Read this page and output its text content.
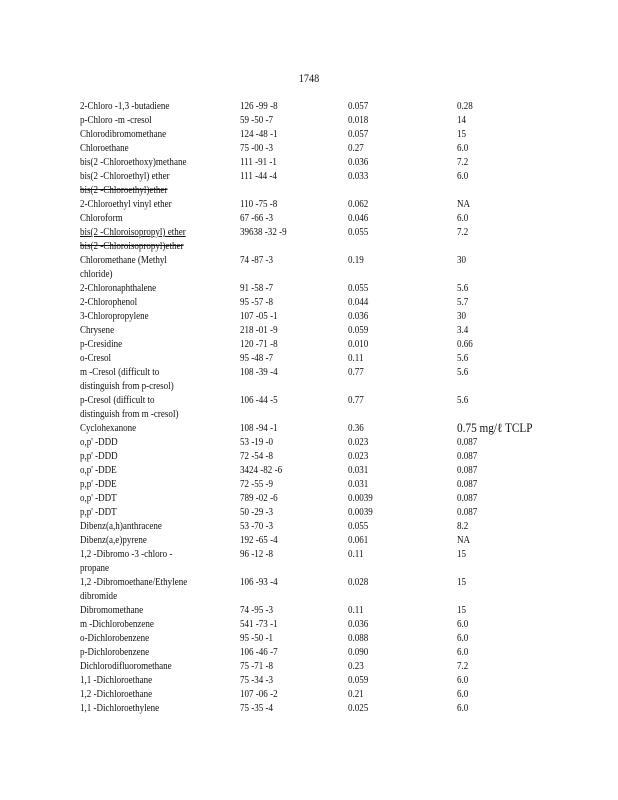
1748
2-Chloro -1,3 -butadiene	126 -99 -8	0.057	0.28
p-Chloro -m -cresol	59 -50 -7	0.018	14
Chlorodibromomethane	124 -48 -1	0.057	15
Chloroethane	75 -00 -3	0.27	6.0
bis(2 -Chloroethoxy)methane	111 -91 -1	0.036	7.2
bis(2 -Chloroethyl) ether	111 -44 -4	0.033	6.0
bis(2 -Chloroethyl)ether
2-Chloroethyl vinyl ether	110 -75 -8	0.062	NA
Chloroform	67 -66 -3	0.046	6.0
bis(2 -Chloroisopropyl) ether	39638 -32 -9	0.055	7.2
bis(2 -Chloroisopropyl)ether
Chloromethane (Methyl
chloride)
74 -87 -3	0.19	30
2-Chloronaphthalene	91 -58 -7	0.055	5.6
2-Chlorophenol	95 -57 -8	0.044	5.7
3-Chloropropylene	107 -05 -1	0.036	30
Chrysene	218 -01 -9	0.059	3.4
p-Cresidine	120 -71 -8	0.010	0.66
o-Cresol	95 -48 -7	0.11	5.6
m -Cresol (difficult to
distinguish from p-cresol)
108 -39 -4	0.77	5.6
p-Cresol (difficult to
distinguish from m -cresol)
106 -44 -5	0.77	5.6
Cyclohexanone	108 -94 -1	0.36	0.75 mg/ℓ TCLP
o,p' -DDD	53 -19 -0	0.023	0.087
p,p' -DDD	72 -54 -8	0.023	0.087
o,p' -DDE	3424 -82 -6	0.031	0.087
p,p' -DDE	72 -55 -9	0.031	0.087
o,p' -DDT	789 -02 -6	0.0039	0.087
p,p' -DDT	50 -29 -3	0.0039	0.087
Dibenz(a,h)anthracene	53 -70 -3	0.055	8.2
Dibenz(a,e)pyrene	192 -65 -4	0.061	NA
1,2 -Dibromo -3 -chloro -
propane
96 -12 -8	0.11	15
1,2 -Dibromoethane/Ethylene
dibromide
106 -93 -4	0.028	15
Dibromomethane	74 -95 -3	0.11	15
m -Dichlorobenzene	541 -73 -1	0.036	6.0
o-Dichlorobenzene	95 -50 -1	0.088	6.0
p-Dichlorobenzene	106 -46 -7	0.090	6.0
Dichlorodifluoromethane	75 -71 -8	0.23	7.2
1,1 -Dichloroethane	75 -34 -3	0.059	6.0
1,2 -Dichloroethane	107 -06 -2	0.21	6.0
1,1 -Dichloroethylene	75 -35 -4	0.025	6.0
